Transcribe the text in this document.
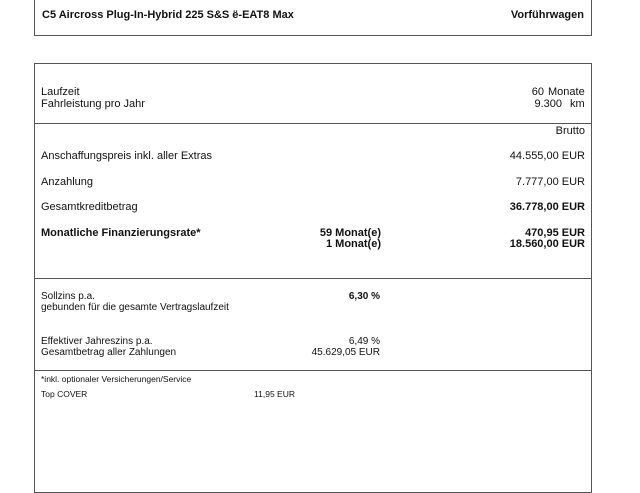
C5 Aircross Plug-In-Hybrid 225 S&S ë-EAT8 Max	Vorführwagen
Laufzeit	60 Monate
Fahrleistung pro Jahr	9.300 km
Brutto
Anschaffungspreis inkl. aller Extras	44.555,00 EUR
Anzahlung	7.777,00 EUR
Gesamtkreditbetrag	36.778,00 EUR
Monatliche Finanzierungsrate*	59 Monat(e)	470,95 EUR
1 Monat(e)	18.560,00 EUR
Sollzins p.a.	6,30 %
gebunden für die gesamte Vertragslaufzeit
Effektiver Jahreszins p.a.	6,49 %
Gesamtbetrag aller Zahlungen	45.629,05 EUR
*inkl. optionaler Versicherungen/Service
Top COVER	11,95 EUR
